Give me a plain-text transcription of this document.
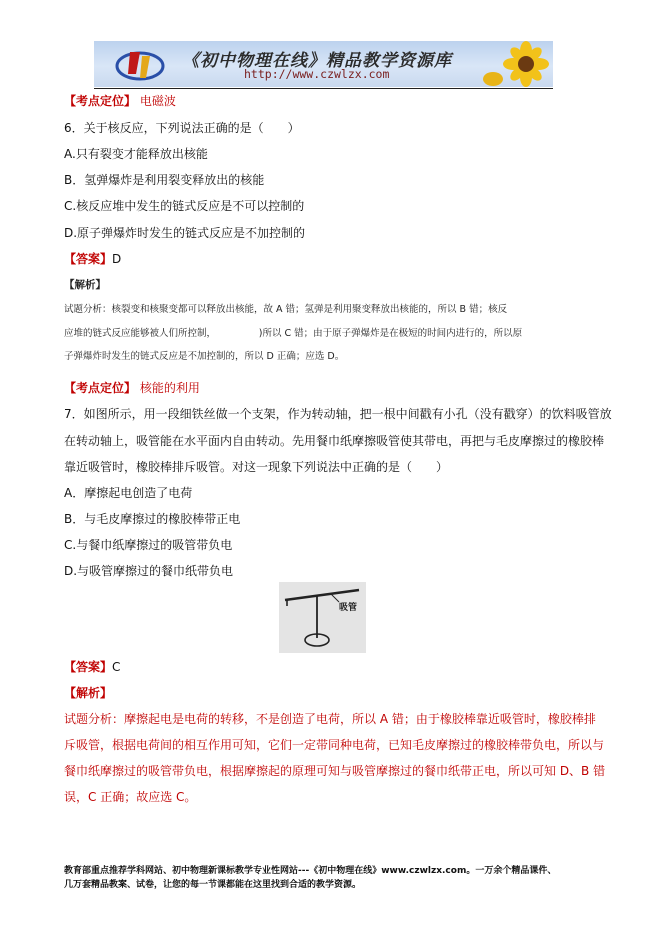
《初中物理在线》精品教学资源库
http://www.czwlzx.com
【考点定位】 电磁波
6．关于核反应，下列说法正确的是（　　）
A.只有裂变才能释放出核能
B．氢弹爆炸是利用裂变释放出的核能
C.核反应堆中发生的链式反应是不可以控制的
D.原子弹爆炸时发生的链式反应是不加控制的
【答案】D
【解析】
试题分析：核裂变和核聚变都可以释放出核能，故 A 错；氢弹是利用聚变释放出核能的，所以 B 错；核反
应堆的链式反应能够被人们所控制，　　　　　)所以 C 错；由于原子弹爆炸是在极短的时间内进行的，所以原
子弹爆炸时发生的链式反应是不加控制的，所以 D 正确；应选 D。
【考点定位】 核能的利用
7．如图所示，用一段细铁丝做一个支架，作为转动轴，把一根中间戳有小孔（没有戳穿）的饮料吸管放
在转动轴上，吸管能在水平面内自由转动。先用餐巾纸摩擦吸管使其带电，再把与毛皮摩擦过的橡胶棒
靠近吸管时，橡胶棒排斥吸管。对这一现象下列说法中正确的是（　　）
A．摩擦起电创造了电荷
B．与毛皮摩擦过的橡胶棒带正电
C.与餐巾纸摩擦过的吸管带负电
D.与吸管摩擦过的餐巾纸带负电
吸管
【答案】C
【解析】
试题分析：摩擦起电是电荷的转移，不是创造了电荷，所以 A 错；由于橡胶棒靠近吸管时，橡胶棒排
斥吸管，根据电荷间的相互作用可知，它们一定带同种电荷，已知毛皮摩擦过的橡胶棒带负电，所以与
餐巾纸摩擦过的吸管带负电，根据摩擦起的原理可知与吸管摩擦过的餐巾纸带正电，所以可知 D、B 错
误，C 正确；故应选 C。
教育部重点推荐学科网站、初中物理新课标教学专业性网站---《初中物理在线》www.czwlzx.com。一万余个精品课件、
几万套精品教案、试卷，让您的每一节课都能在这里找到合适的教学资源。
